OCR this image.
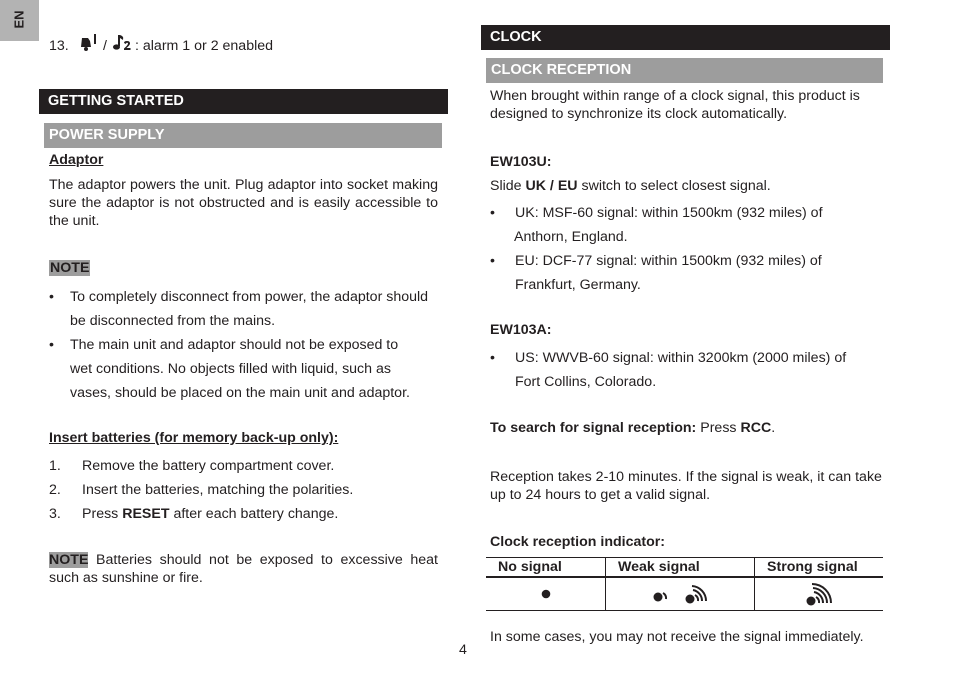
EN
13. / : alarm 1 or 2 enabled
GETTING STARTED
POWER SUPPLY
Adaptor
The adaptor powers the unit. Plug adaptor into socket making sure the adaptor is not obstructed and is easily accessible to the unit.
NOTE
• To completely disconnect from power, the adaptor should
be disconnected from the mains.
• The main unit and adaptor should not be exposed to
wet conditions. No objects filled with liquid, such as
vases, should be placed on the main unit and adaptor.
Insert batteries (for memory back-up only):
1. Remove the battery compartment cover.
2. Insert the batteries, matching the polarities.
3. Press RESET after each battery change.
NOTE Batteries should not be exposed to excessive heat such as sunshine or fire.
CLOCK
CLOCK RECEPTION
When brought within range of a clock signal, this product is designed to synchronize its clock automatically.
EW103U:
Slide UK / EU switch to select closest signal.
• UK: MSF-60 signal: within 1500km (932 miles) of
Anthorn, England.
• EU: DCF-77 signal: within 1500km (932 miles) of
Frankfurt, Germany.
EW103A:
• US: WWVB-60 signal: within 3200km (2000 miles) of
Fort Collins, Colorado.
To search for signal reception: Press RCC.
Reception takes 2-10 minutes. If the signal is weak, it can take up to 24 hours to get a valid signal.
Clock reception indicator:
No signal	Weak signal	Strong signal

In some cases, you may not receive the signal immediately.
4
